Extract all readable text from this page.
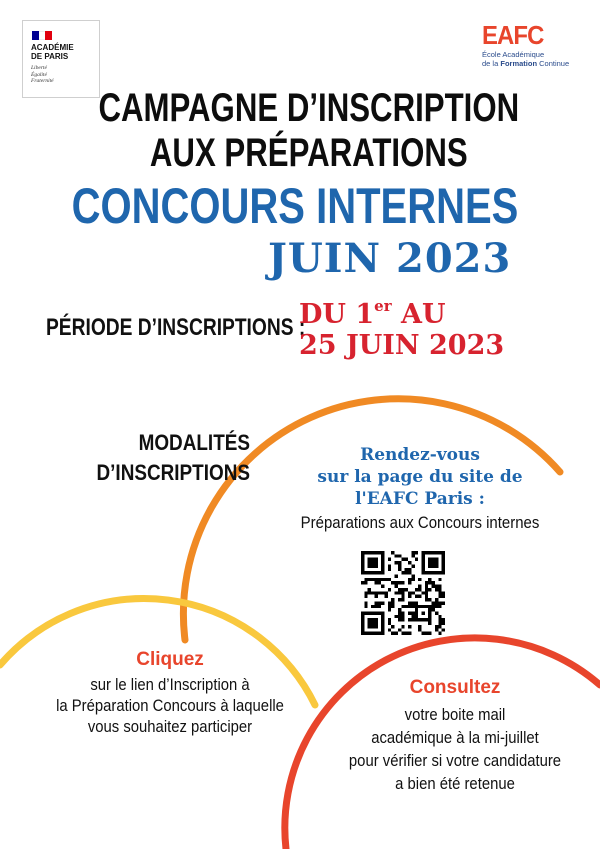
ACADÉMIE
DE PARIS
Liberté
Égalité
Fraternité
EAFC
École Académique
de la Formation Continue
CAMPAGNE D’INSCRIPTION
AUX PRÉPARATIONS
CONCOURS INTERNES
JUIN 2023
PÉRIODE D’INSCRIPTIONS :
DU 1er AU
25 JUIN 2023
MODALITÉS
D’INSCRIPTIONS
Rendez-vous
sur la page du site de
l'EAFC Paris :
Préparations aux Concours internes
Cliquez
sur le lien d’Inscription à
la Préparation Concours à laquelle
vous souhaitez participer
Consultez
votre boite mail
académique à la mi-juillet
pour vérifier si votre candidature
a bien été retenue
